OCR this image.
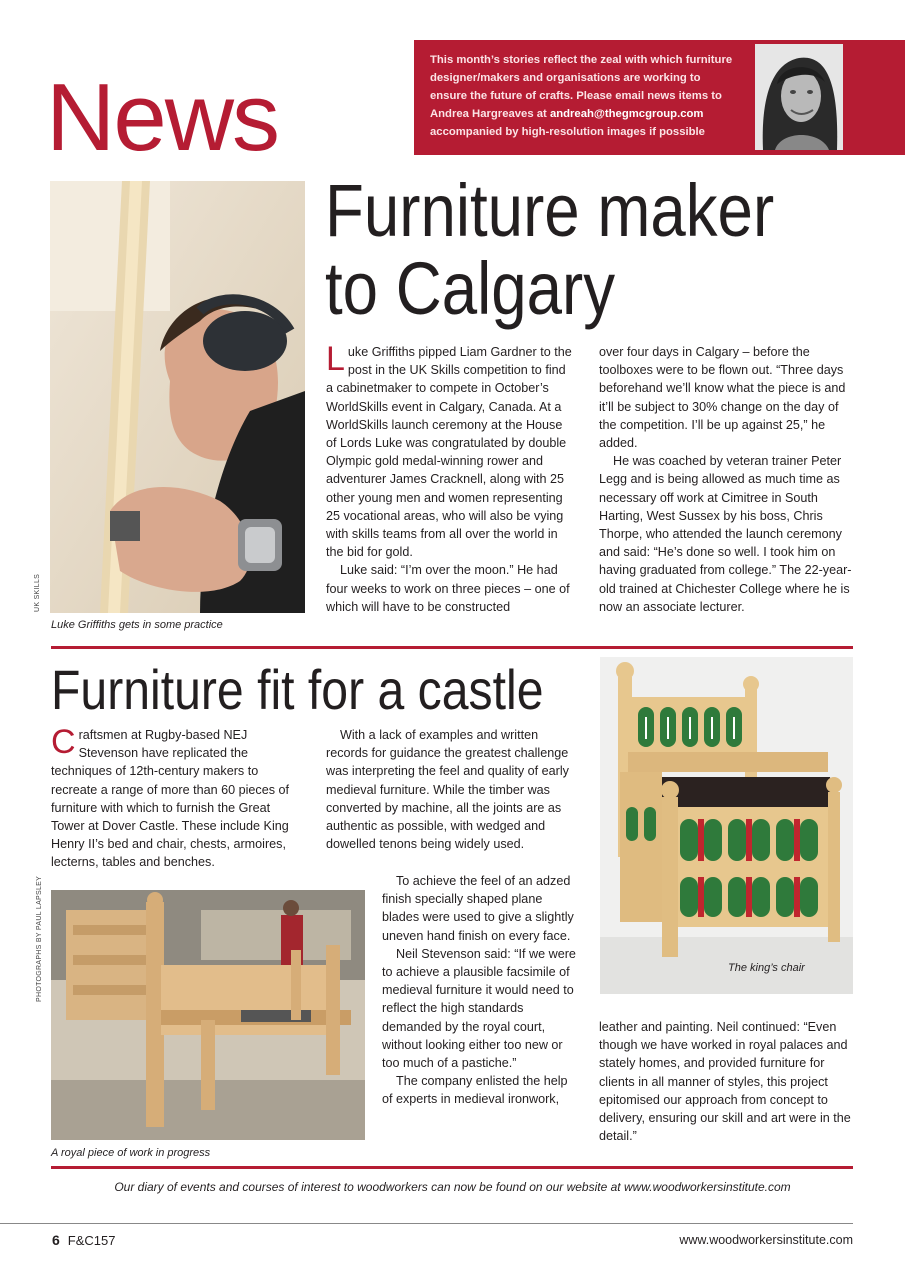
News
This month’s stories reflect the zeal with which furniture designer/makers and organisations are working to ensure the future of crafts. Please email news items to Andrea Hargreaves at andreah@thegmcgroup.com accompanied by high-resolution images if possible
UK SKILLS
Luke Griffiths gets in some practice
Furniture maker
to Calgary

Luke Griffiths pipped Liam Gardner to the post in the UK Skills competition to find a cabinetmaker to compete in October’s WorldSkills event in Calgary, Canada. At a WorldSkills launch ceremony at the House of Lords Luke was congratulated by double Olympic gold medal-winning rower and adventurer James Cracknell, along with 25 other young men and women representing 25 vocational areas, who will also be vying with skills teams from all over the world in the bid for gold.

Luke said: “I’m over the moon.” He had four weeks to work on three pieces – one of which will have to be constructed

over four days in Calgary – before the toolboxes were to be flown out. “Three days beforehand we’ll know what the piece is and it’ll be subject to 30% change on the day of the competition. I’ll be up against 25,” he added.

He was coached by veteran trainer Peter Legg and is being allowed as much time as necessary off work at Cimitree in South Harting, West Sussex by his boss, Chris Thorpe, who attended the launch ceremony and said: “He’s done so well. I took him on having graduated from college.” The 22-year-old trained at Chichester College where he is now an associate lecturer.

Furniture fit for a castle

Craftsmen at Rugby-based NEJ Stevenson have replicated the techniques of 12th-century makers to recreate a range of more than 60 pieces of furniture with which to furnish the Great Tower at Dover Castle. These include King Henry II’s bed and chair, chests, armoires, lecterns, tables and benches.

With a lack of examples and written records for guidance the greatest challenge was interpreting the feel and quality of early medieval furniture. While the timber was converted by machine, all the joints are as authentic as possible, with wedged and dowelled tenons being widely used.

To achieve the feel of an adzed finish specially shaped plane blades were used to give a slightly uneven hand finish on every face.

Neil Stevenson said: “If we were to achieve a plausible facsimile of medieval furniture it would need to reflect the high standards demanded by the royal court, without looking either too new or too much of a pastiche.”

The company enlisted the help of experts in medieval ironwork,

PHOTOGRAPHS BY PAUL LAPSLEY
A royal piece of work in progress
The king’s chair

leather and painting. Neil continued: “Even though we have worked in royal palaces and stately homes, and provided furniture for clients in all manner of styles, this project epitomised our approach from concept to delivery, ensuring our skill and art were in the detail.”

Our diary of events and courses of interest to woodworkers can now be found on our website at www.woodworkersinstitute.com
6 F&C157	www.woodworkersinstitute.com
